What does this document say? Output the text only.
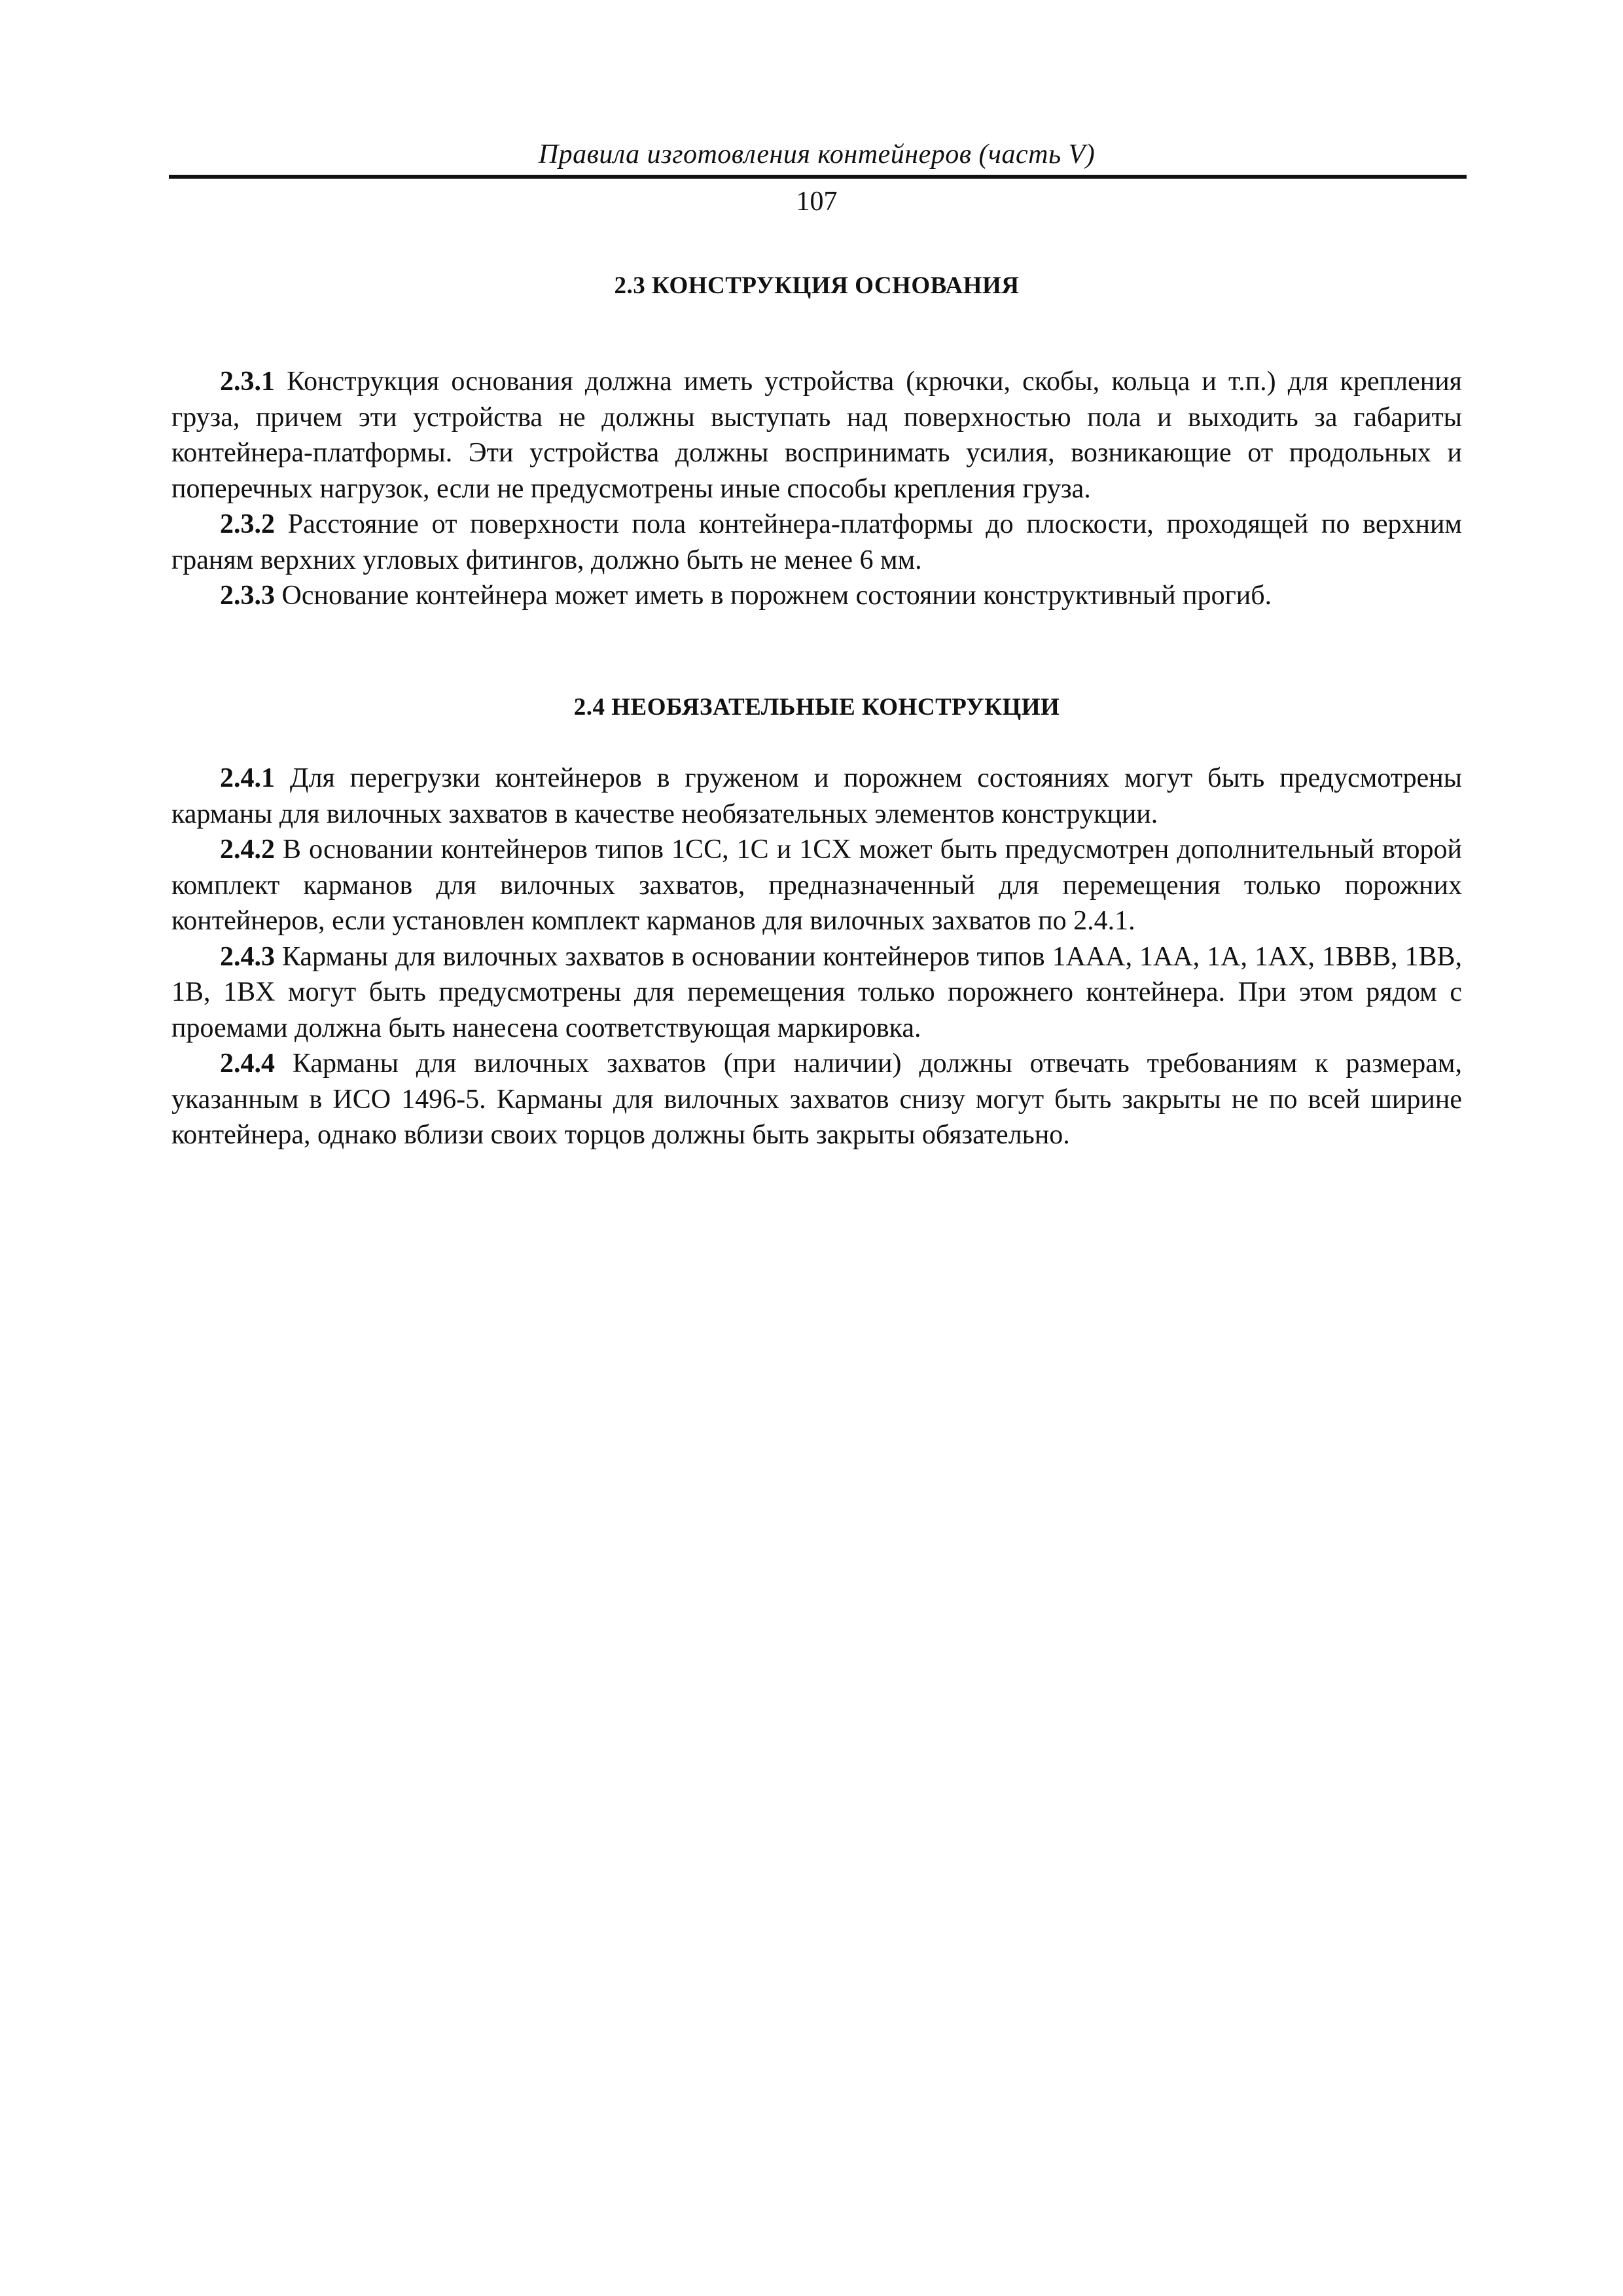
Правила изготовления контейнеров (часть V)
107
2.3 КОНСТРУКЦИЯ ОСНОВАНИЯ

2.3.1 Конструкция основания должна иметь устройства (крючки, скобы, кольца и т.п.) для крепления груза, причем эти устройства не должны выступать над поверхностью пола и выходить за габариты контейнера-платформы. Эти устройства должны воспринимать усилия, возникающие от продольных и поперечных нагрузок, если не предусмотрены иные способы крепления груза.

2.3.2 Расстояние от поверхности пола контейнера-платформы до плоскости, проходящей по верхним граням верхних угловых фитингов, должно быть не менее 6 мм.

2.3.3 Основание контейнера может иметь в порожнем состоянии конструктивный прогиб.

2.4 НЕОБЯЗАТЕЛЬНЫЕ КОНСТРУКЦИИ

2.4.1 Для перегрузки контейнеров в груженом и порожнем состояниях могут быть предусмотрены карманы для вилочных захватов в качестве необязательных элементов конструкции.

2.4.2 В основании контейнеров типов 1CC, 1C и 1CX может быть предусмотрен дополнительный второй комплект карманов для вилочных захватов, предназначенный для перемещения только порожних контейнеров, если установлен комплект карманов для вилочных захватов по 2.4.1.

2.4.3 Карманы для вилочных захватов в основании контейнеров типов 1AAA, 1AA, 1A, 1AX, 1BBB, 1BB, 1B, 1BX могут быть предусмотрены для перемещения только порожнего контейнера. При этом рядом с проемами должна быть нанесена соответствующая маркировка.

2.4.4 Карманы для вилочных захватов (при наличии) должны отвечать требованиям к размерам, указанным в ИСО 1496-5. Карманы для вилочных захватов снизу могут быть закрыты не по всей ширине контейнера, однако вблизи своих торцов должны быть закрыты обязательно.
